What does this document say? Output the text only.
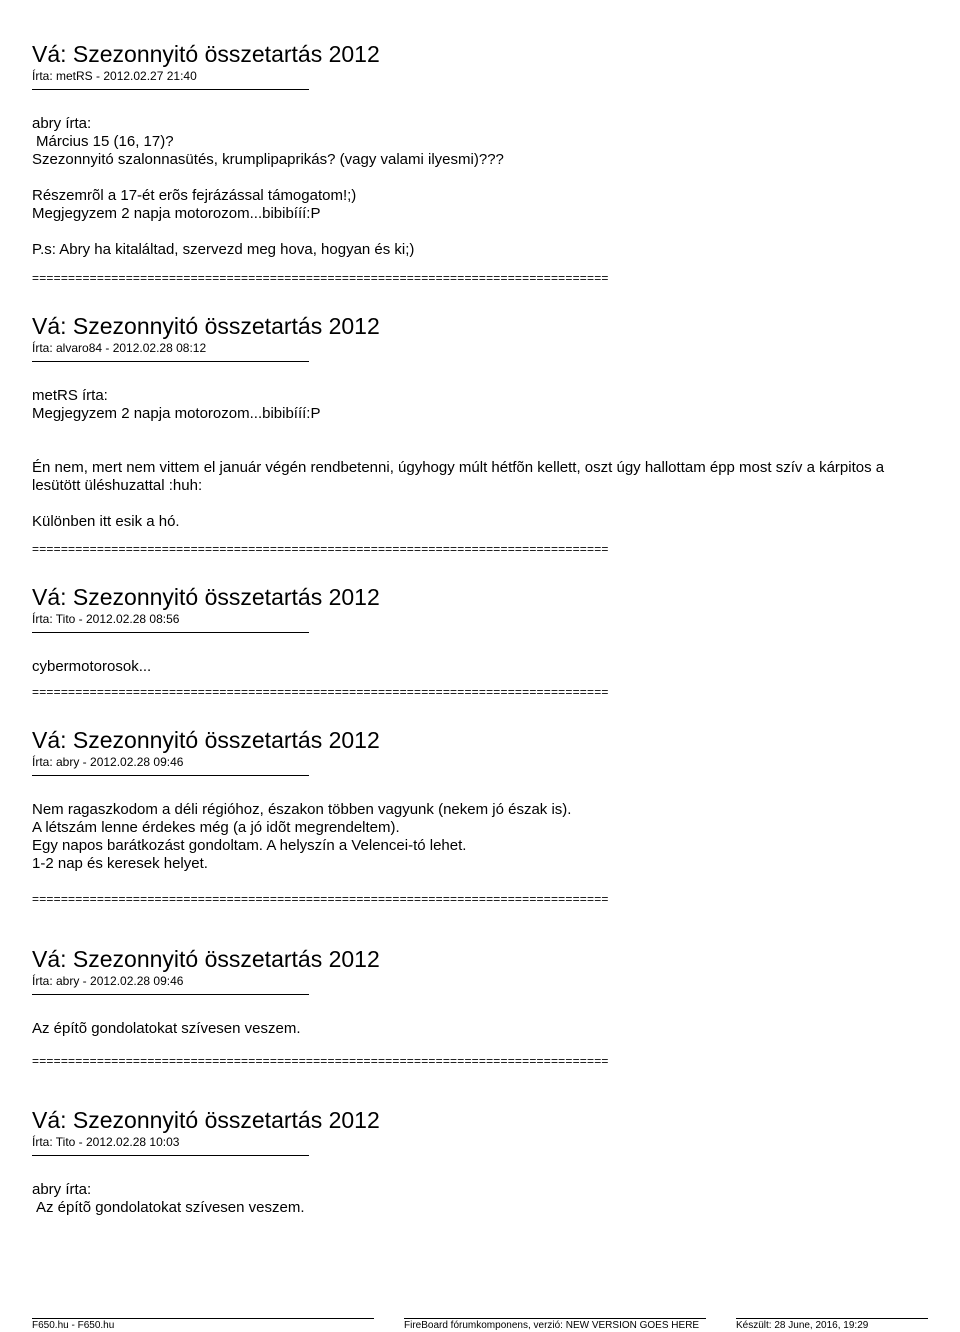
Vá: Szezonnyitó összetartás 2012
Írta: metRS - 2012.02.27 21:40
abry írta:
Március 15 (16, 17)?
Szezonnyitó szalonnasütés, krumplipaprikás? (vagy valami ilyesmi)???
Részemrõl a 17-ét erõs fejrázással támogatom!;)
Megjegyzem 2 napja motorozom...bibibííí:P
P.s: Abry ha kitaláltad, szervezd meg hova, hogyan és ki;)
================================================================================
Vá: Szezonnyitó összetartás 2012
Írta: alvaro84 - 2012.02.28 08:12
metRS írta:
Megjegyzem 2 napja motorozom...bibibííí:P
Én nem, mert nem vittem el január végén rendbetenni, úgyhogy múlt hétfõn kellett, oszt úgy hallottam épp most szív a kárpitos a lesütött üléshuzattal :huh:
Különben itt esik a hó.
================================================================================
Vá: Szezonnyitó összetartás 2012
Írta: Tito - 2012.02.28 08:56
cybermotorosok...
================================================================================
Vá: Szezonnyitó összetartás 2012
Írta: abry - 2012.02.28 09:46
Nem ragaszkodom a déli régióhoz, északon többen vagyunk (nekem jó észak is).
A létszám lenne érdekes még (a jó idõt megrendeltem).
Egy napos barátkozást gondoltam. A helyszín a Velencei-tó lehet.
1-2 nap és keresek helyet.
================================================================================
Vá: Szezonnyitó összetartás 2012
Írta: abry - 2012.02.28 09:46
Az építõ gondolatokat szívesen veszem.
================================================================================
Vá: Szezonnyitó összetartás 2012
Írta: Tito - 2012.02.28 10:03
abry írta:
Az építõ gondolatokat szívesen veszem.
F650.hu - F650.hu	FireBoard fórumkomponens, verzió: NEW VERSION GOES HERE	Készült: 28 June, 2016, 19:29
